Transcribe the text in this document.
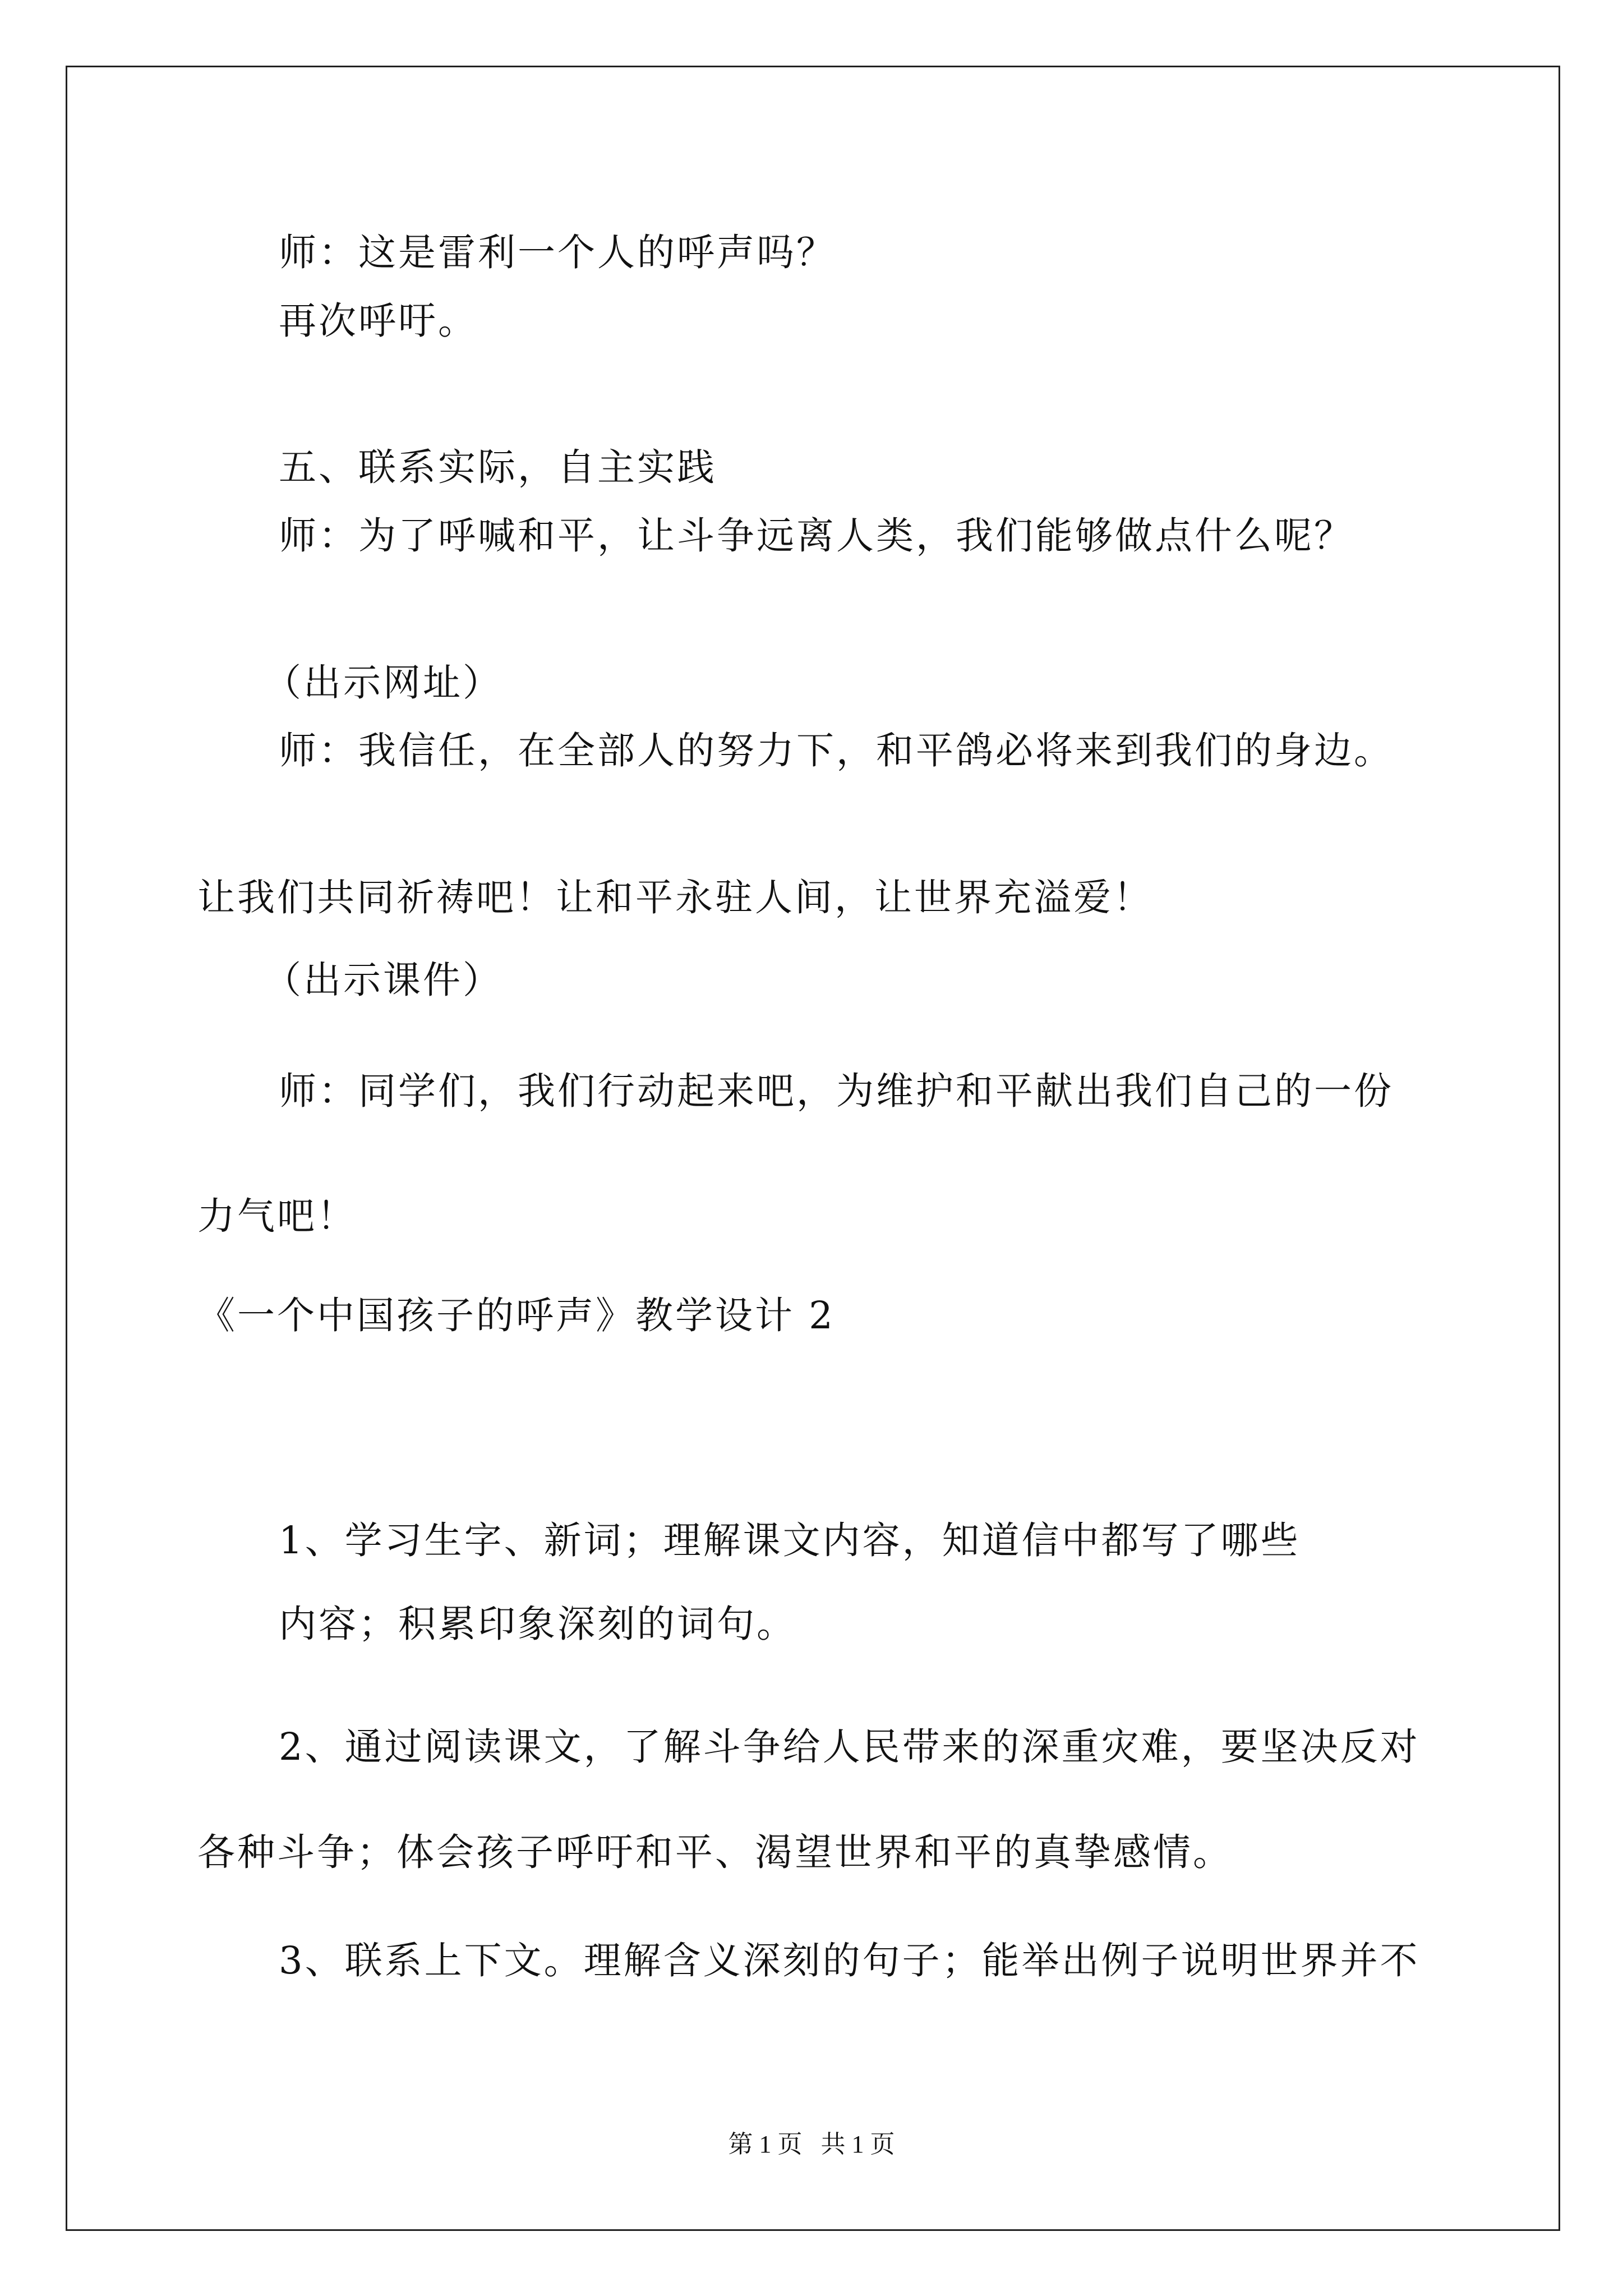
师：这是雷利一个人的呼声吗？
再次呼吁。
五、联系实际，自主实践
师：为了呼喊和平，让斗争远离人类，我们能够做点什么呢？
（出示网址）
师：我信任，在全部人的努力下，和平鸽必将来到我们的身边。
让我们共同祈祷吧！让和平永驻人间，让世界充溢爱！
（出示课件）
师：同学们，我们行动起来吧，为维护和平献出我们自己的一份
力气吧！
《一个中国孩子的呼声》教学设计 2
1、学习生字、新词；理解课文内容，知道信中都写了哪些
内容；积累印象深刻的词句。
2、通过阅读课文，了解斗争给人民带来的深重灾难，要坚决反对
各种斗争；体会孩子呼吁和平、渴望世界和平的真挚感情。
3、联系上下文。理解含义深刻的句子；能举出例子说明世界并不
第 1 页   共 1 页
